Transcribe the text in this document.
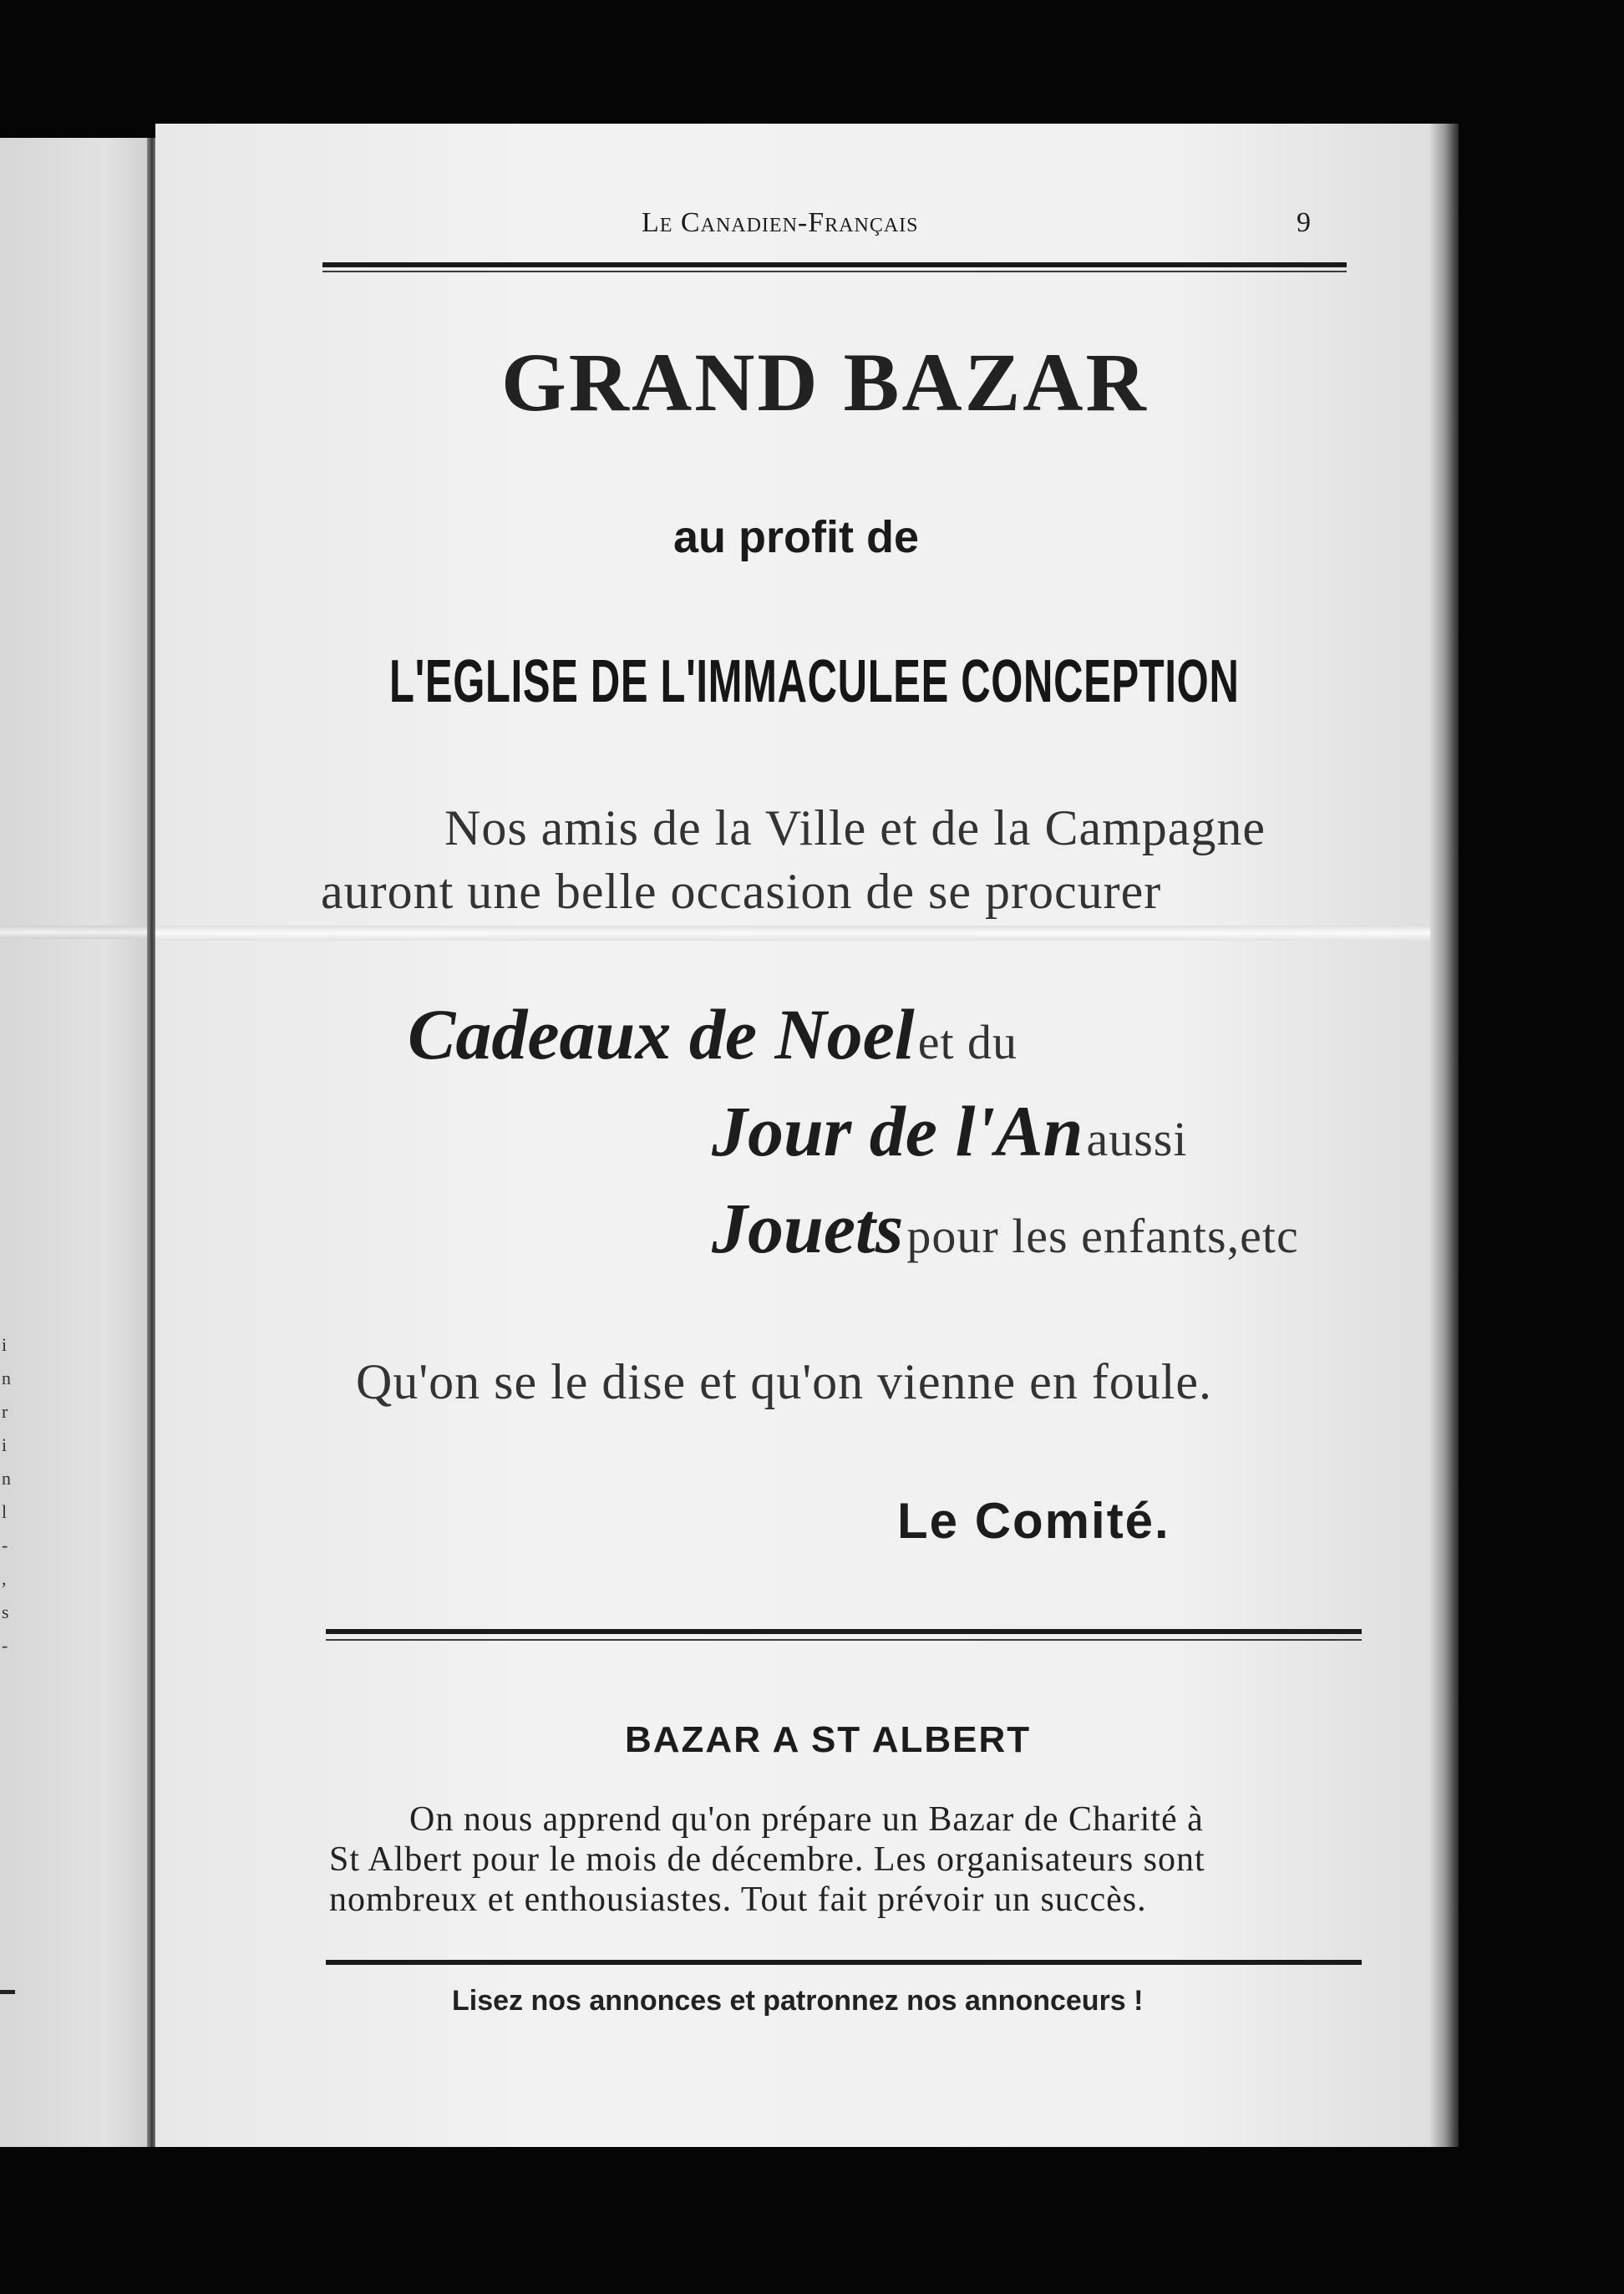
i
n
r
i
n
l
-
,
s
-
Le Canadien-Français	9
GRAND BAZAR
au profit de
L'EGLISE DE L'IMMACULEE CONCEPTION
Nos amis de la Ville et de la Campagne
auront une belle occasion de se procurer
Cadeaux de Noel et du
Jour de l'An aussi
Jouets pour les enfants,etc
Qu'on se le dise et qu'on vienne en foule.
Le Comité.
BAZAR A ST ALBERT
On nous apprend qu'on prépare un Bazar de Charité à
St Albert pour le mois de décembre. Les organisateurs sont
nombreux et enthousiastes. Tout fait prévoir un succès.
Lisez nos annonces et patronnez nos annonceurs !
